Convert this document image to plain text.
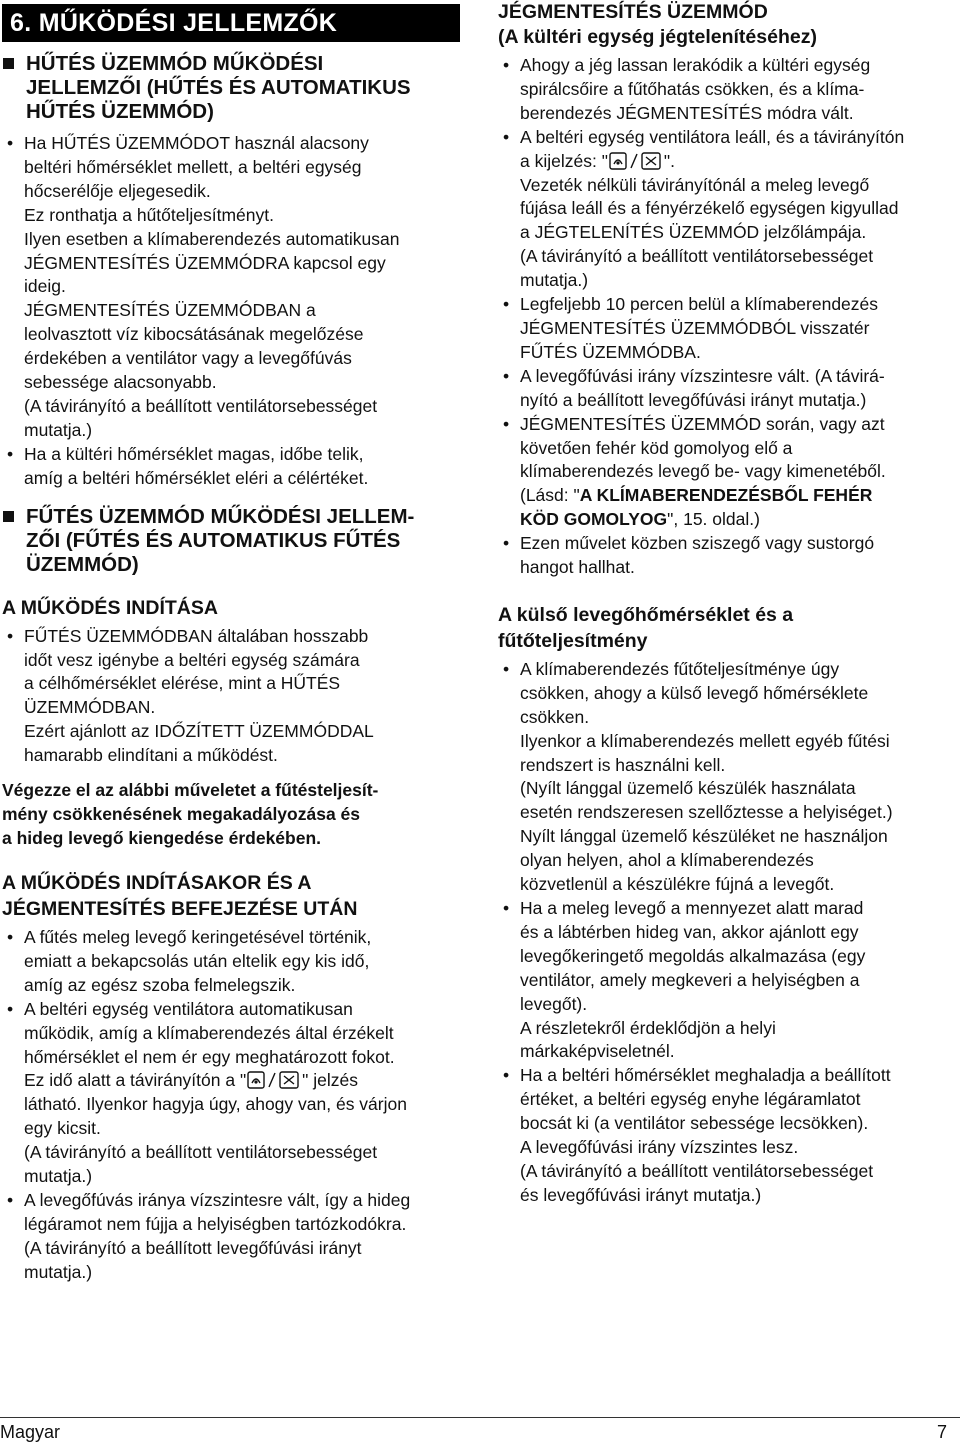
6. MŰKÖDÉSI JELLEMZŐK
HŰTÉS ÜZEMMÓD MŰKÖDÉSI
JELLEMZŐI (HŰTÉS ÉS AUTOMATIKUS
HŰTÉS ÜZEMMÓD)
• Ha HŰTÉS ÜZEMMÓDOT használ alacsony
beltéri hőmérséklet mellett, a beltéri egység
hőcserélője eljegesedik.
Ez ronthatja a hűtőteljesítményt.
Ilyen esetben a klímaberendezés automatikusan
JÉGMENTESÍTÉS ÜZEMMÓDRA kapcsol egy
ideig.
JÉGMENTESÍTÉS ÜZEMMÓDBAN a
leolvasztott víz kibocsátásának megelőzése
érdekében a ventilátor vagy a levegőfúvás
sebessége alacsonyabb.
(A távirányító a beállított ventilátorsebességet
mutatja.)
• Ha a kültéri hőmérséklet magas, időbe telik,
amíg a beltéri hőmérséklet eléri a célértéket.
FŰTÉS ÜZEMMÓD MŰKÖDÉSI JELLEM-
ZŐI (FŰTÉS ÉS AUTOMATIKUS FŰTÉS
ÜZEMMÓD)
A MŰKÖDÉS INDÍTÁSA
• FŰTÉS ÜZEMMÓDBAN általában hosszabb
időt vesz igénybe a beltéri egység számára
a célhőmérséklet elérése, mint a HŰTÉS
ÜZEMMÓDBAN.
Ezért ajánlott az IDŐZÍTETT ÜZEMMÓDDAL
hamarabb elindítani a működést.
Végezze el az alábbi műveletet a fűtésteljesít-
mény csökkenésének megakadályozása és
a hideg levegő kiengedése érdekében.
A MŰKÖDÉS INDÍTÁSAKOR ÉS A
JÉGMENTESÍTÉS BEFEJEZÉSE UTÁN
• A fűtés meleg levegő keringetésével történik,
emiatt a bekapcsolás után eltelik egy kis idő,
amíg az egész szoba felmelegszik.
• A beltéri egység ventilátora automatikusan
működik, amíg a klímaberendezés által érzékelt
hőmérséklet el nem ér egy meghatározott fokot.
Ez idő alatt a távirányítón a "	" jelzés
látható. Ilyenkor hagyja úgy, ahogy van, és várjon
egy kicsit.
(A távirányító a beállított ventilátorsebességet
mutatja.)
• A levegőfúvás iránya vízszintesre vált, így a hideg
légáramot nem fújja a helyiségben tartózkodókra.
(A távirányító a beállított levegőfúvási irányt
mutatja.)
JÉGMENTESÍTÉS ÜZEMMÓD
(A kültéri egység jégtelenítéséhez)
• Ahogy a jég lassan lerakódik a kültéri egység
spirálcsőire a fűtőhatás csökken, és a klíma-
berendezés JÉGMENTESÍTÉS módra vált.
• A beltéri egység ventilátora leáll, és a távirányítón
a kijelzés: "	".
Vezeték nélküli távirányítónál a meleg levegő
fújása leáll és a fényérzékelő egységen kigyullad
a JÉGTELENÍTÉS ÜZEMMÓD jelzőlámpája.
(A távirányító a beállított ventilátorsebességet
mutatja.)
• Legfeljebb 10 percen belül a klímaberendezés
JÉGMENTESÍTÉS ÜZEMMÓDBÓL visszatér
FŰTÉS ÜZEMMÓDBA.
• A levegőfúvási irány vízszintesre vált. (A távirá-
nyító a beállított levegőfúvási irányt mutatja.)
• JÉGMENTESÍTÉS ÜZEMMÓD során, vagy azt
követően fehér köd gomolyog elő a
klímaberendezés levegő be- vagy kimenetéből.
(Lásd: "A KLÍMABERENDEZÉSBŐL FEHÉR
KÖD GOMOLYOG", 15. oldal.)
• Ezen művelet közben sziszegő vagy sustorgó
hangot hallhat.
A külső levegőhőmérséklet és a
fűtőteljesítmény
• A klímaberendezés fűtőteljesítménye úgy
csökken, ahogy a külső levegő hőmérséklete
csökken.
Ilyenkor a klímaberendezés mellett egyéb fűtési
rendszert is használni kell.
(Nyílt lánggal üzemelő készülék használata
esetén rendszeresen szellőztesse a helyiséget.)
Nyílt lánggal üzemelő készüléket ne használjon
olyan helyen, ahol a klímaberendezés
közvetlenül a készülékre fújná a levegőt.
• Ha a meleg levegő a mennyezet alatt marad
és a lábtérben hideg van, akkor ajánlott egy
levegőkeringető megoldás alkalmazása (egy
ventilátor, amely megkeveri a helyiségben a
levegőt).
A részletekről érdeklődjön a helyi
márkaképviseletnél.
• Ha a beltéri hőmérséklet meghaladja a beállított
értéket, a beltéri egység enyhe légáramlatot
bocsát ki (a ventilátor sebessége lecsökken).
A levegőfúvási irány vízszintes lesz.
(A távirányító a beállított ventilátorsebességet
és levegőfúvási irányt mutatja.)
Magyar	7
